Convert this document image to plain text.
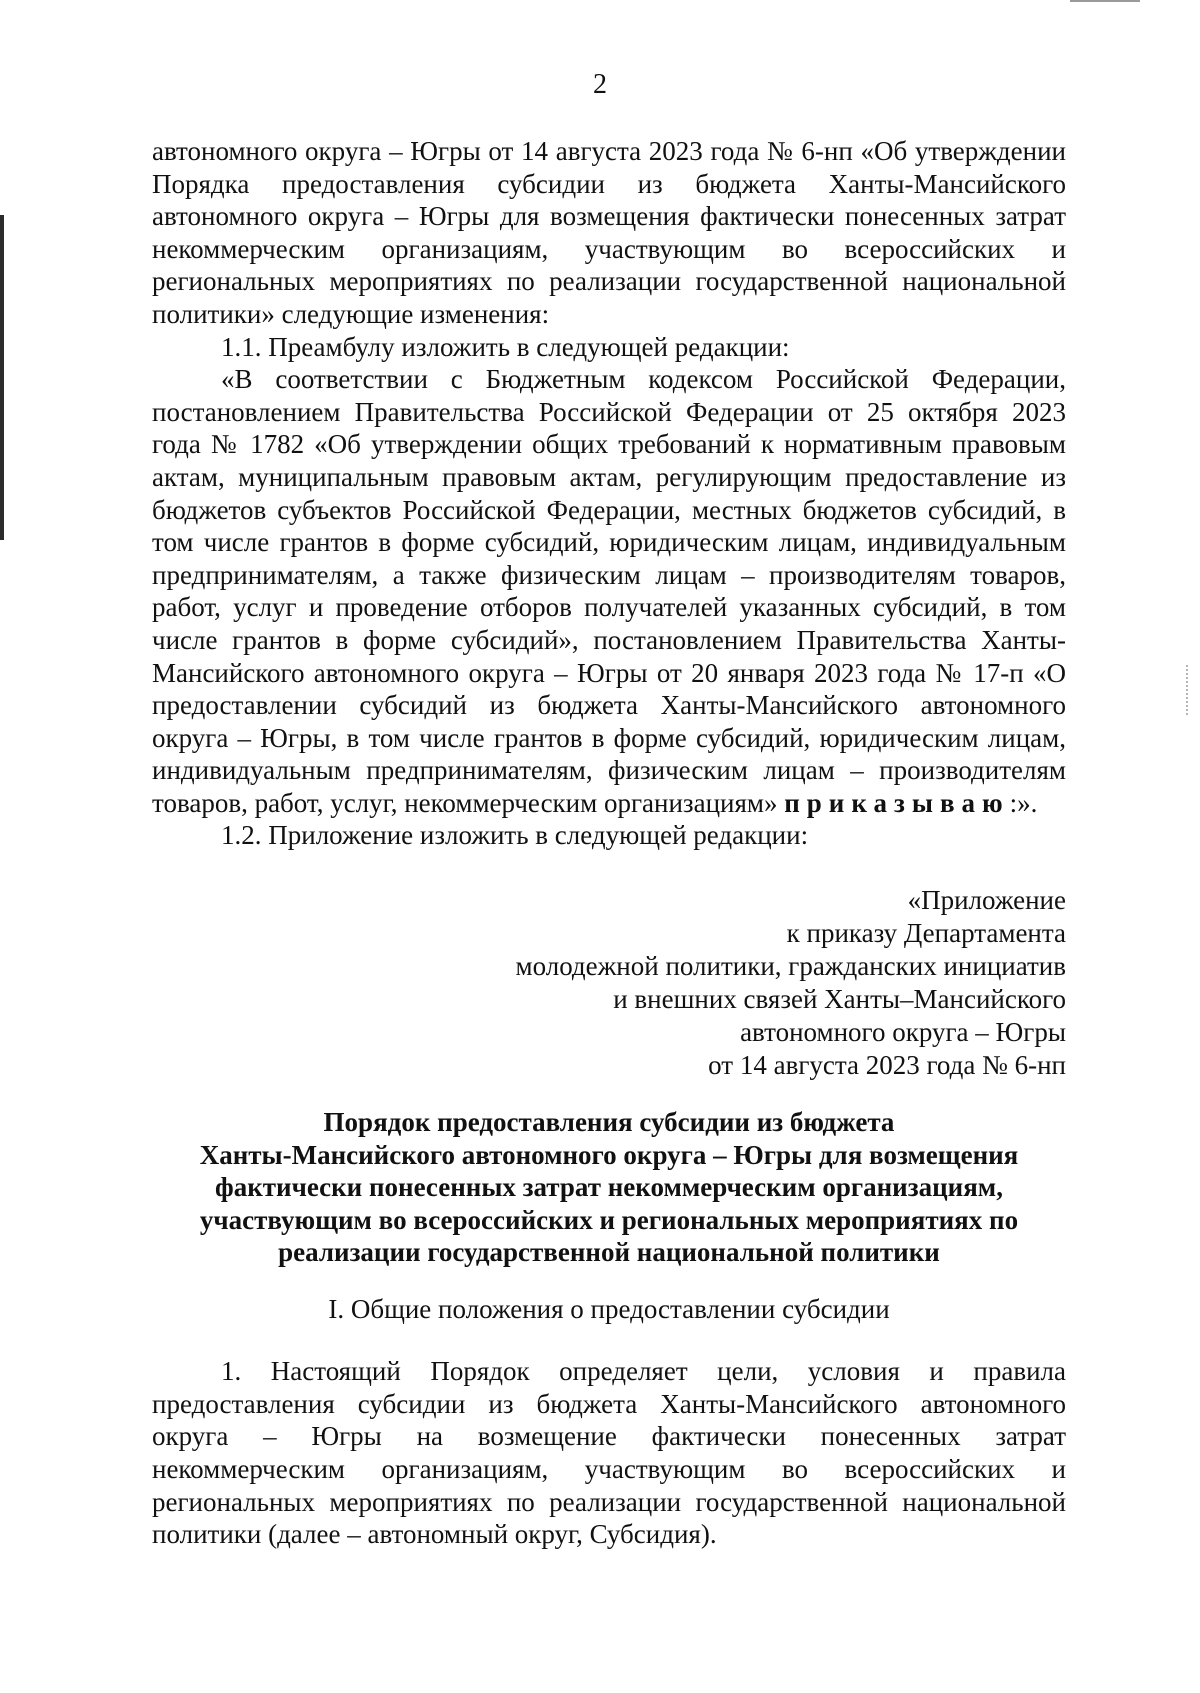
2

автономного округа – Югры от 14 августа 2023 года № 6-нп «Об утверждении Порядка предоставления субсидии из бюджета Ханты-Мансийского автономного округа – Югры для возмещения фактически понесенных затрат некоммерческим организациям, участвующим во всероссийских и региональных мероприятиях по реализации государственной национальной политики» следующие изменения:

1.1. Преамбулу изложить в следующей редакции:

«В соответствии с Бюджетным кодексом Российской Федерации, постановлением Правительства Российской Федерации от 25 октября 2023 года № 1782 «Об утверждении общих требований к нормативным правовым актам, муниципальным правовым актам, регулирующим предоставление из бюджетов субъектов Российской Федерации, местных бюджетов субсидий, в том числе грантов в форме субсидий, юридическим лицам, индивидуальным предпринимателям, а также физическим лицам – производителям товаров, работ, услуг и проведение отборов получателей указанных субсидий, в том числе грантов в форме субсидий», постановлением Правительства Ханты-Мансийского автономного округа – Югры от 20 января 2023 года № 17-п «О предоставлении субсидий из бюджета Ханты-Мансийского автономного округа – Югры, в том числе грантов в форме субсидий, юридическим лицам, индивидуальным предпринимателям, физическим лицам – производителям товаров, работ, услуг, некоммерческим организациям» приказываю:».

1.2. Приложение изложить в следующей редакции:

«Приложение
к приказу Департамента
молодежной политики, гражданских инициатив
и внешних связей Ханты–Мансийского
автономного округа – Югры
от 14 августа 2023 года № 6-нп

Порядок предоставления субсидии из бюджета
Ханты-Мансийского автономного округа – Югры для возмещения
фактически понесенных затрат некоммерческим организациям,
участвующим во всероссийских и региональных мероприятиях по
реализации государственной национальной политики

I. Общие положения о предоставлении субсидии

1. Настоящий Порядок определяет цели, условия и правила предоставления субсидии из бюджета Ханты-Мансийского автономного округа – Югры на возмещение фактически понесенных затрат некоммерческим организациям, участвующим во всероссийских и региональных мероприятиях по реализации государственной национальной политики (далее – автономный округ, Субсидия).
